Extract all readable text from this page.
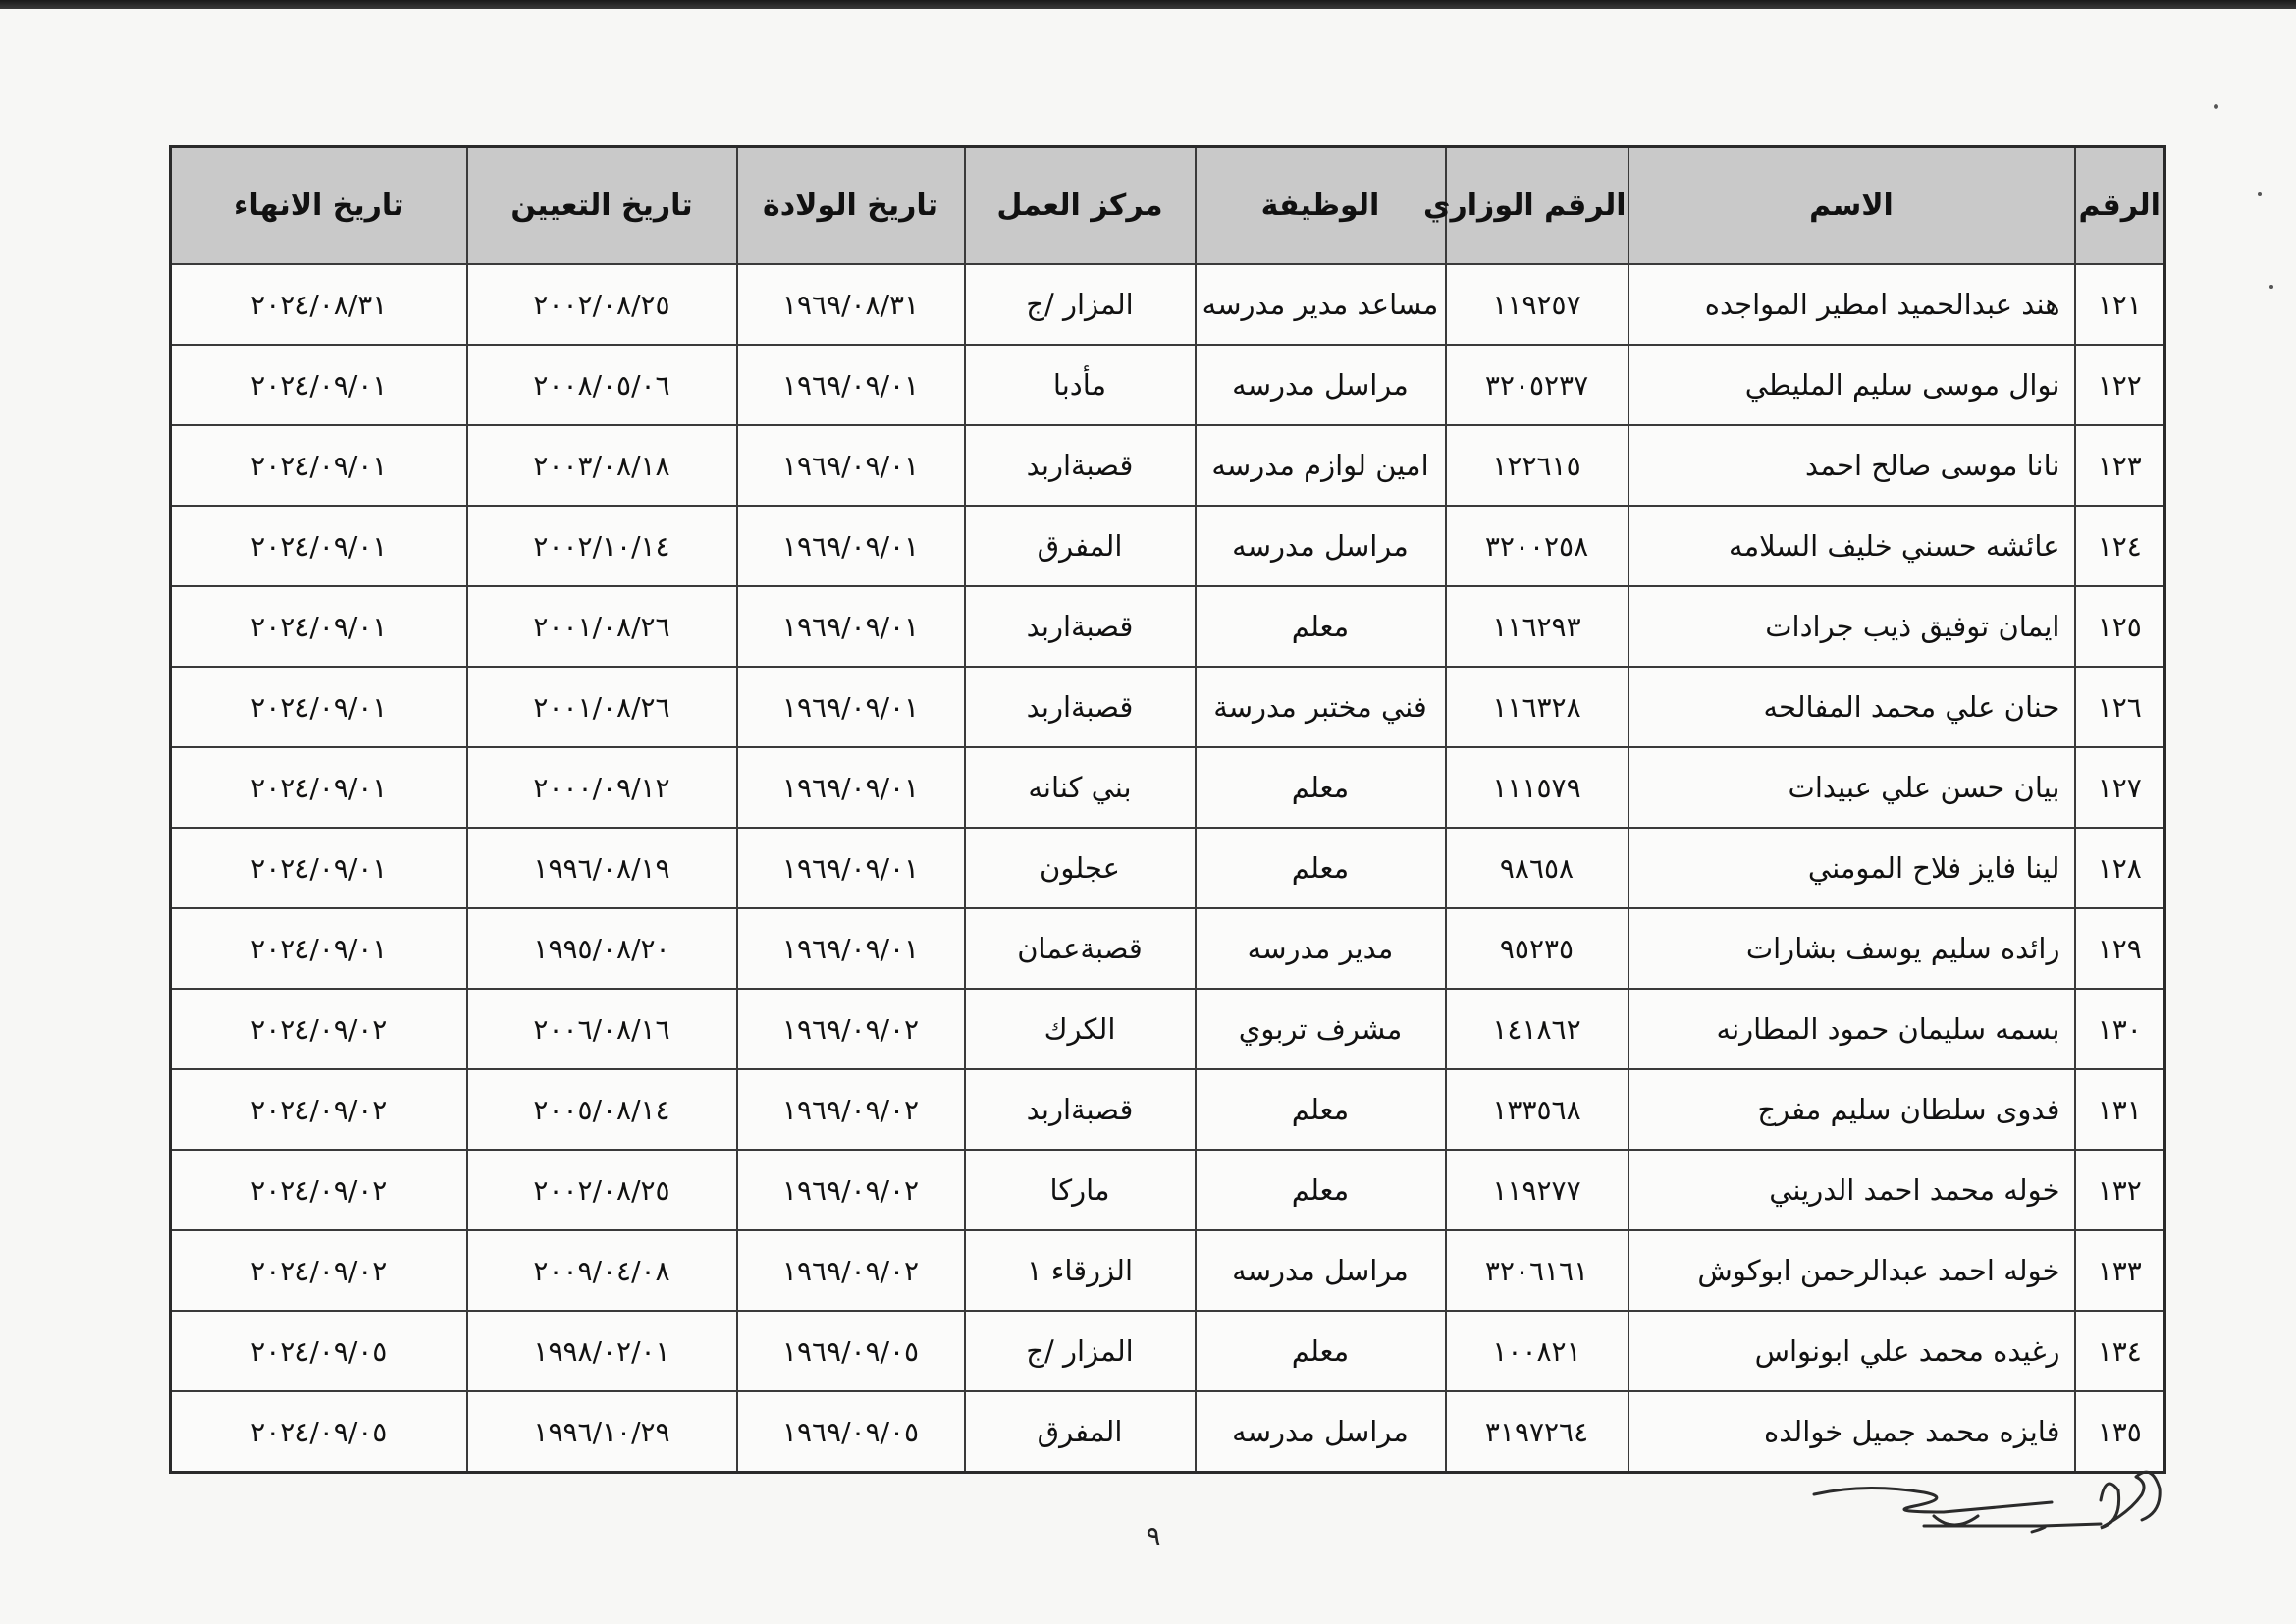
الرقم	الاسم	الرقم الوزاري	الوظيفة	مركز العمل	تاريخ الولادة	تاريخ التعيين	تاريخ الانهاء
١٢١	هند عبدالحميد امطير المواجده	١١٩٢٥٧	مساعد مدير مدرسه	المزار /ج	١٩٦٩/٠٨/٣١	٢٠٠٢/٠٨/٢٥	٢٠٢٤/٠٨/٣١
١٢٢	نوال موسى سليم المليطي	٣٢٠٥٢٣٧	مراسل مدرسه	مأدبا	١٩٦٩/٠٩/٠١	٢٠٠٨/٠٥/٠٦	٢٠٢٤/٠٩/٠١
١٢٣	نانا موسى صالح احمد	١٢٢٦١٥	امين لوازم مدرسه	قصبةاربد	١٩٦٩/٠٩/٠١	٢٠٠٣/٠٨/١٨	٢٠٢٤/٠٩/٠١
١٢٤	عائشه حسني خليف السلامه	٣٢٠٠٢٥٨	مراسل مدرسه	المفرق	١٩٦٩/٠٩/٠١	٢٠٠٢/١٠/١٤	٢٠٢٤/٠٩/٠١
١٢٥	ايمان توفيق ذيب جرادات	١١٦٢٩٣	معلم	قصبةاربد	١٩٦٩/٠٩/٠١	٢٠٠١/٠٨/٢٦	٢٠٢٤/٠٩/٠١
١٢٦	حنان علي محمد المفالحه	١١٦٣٢٨	فني مختبر مدرسة	قصبةاربد	١٩٦٩/٠٩/٠١	٢٠٠١/٠٨/٢٦	٢٠٢٤/٠٩/٠١
١٢٧	بيان حسن علي عبيدات	١١١٥٧٩	معلم	بني كنانه	١٩٦٩/٠٩/٠١	٢٠٠٠/٠٩/١٢	٢٠٢٤/٠٩/٠١
١٢٨	لينا فايز فلاح المومني	٩٨٦٥٨	معلم	عجلون	١٩٦٩/٠٩/٠١	١٩٩٦/٠٨/١٩	٢٠٢٤/٠٩/٠١
١٢٩	رائده سليم يوسف بشارات	٩٥٢٣٥	مدير مدرسه	قصبةعمان	١٩٦٩/٠٩/٠١	١٩٩٥/٠٨/٢٠	٢٠٢٤/٠٩/٠١
١٣٠	بسمه سليمان حمود المطارنه	١٤١٨٦٢	مشرف تربوي	الكرك	١٩٦٩/٠٩/٠٢	٢٠٠٦/٠٨/١٦	٢٠٢٤/٠٩/٠٢
١٣١	فدوى سلطان سليم مفرج	١٣٣٥٦٨	معلم	قصبةاربد	١٩٦٩/٠٩/٠٢	٢٠٠٥/٠٨/١٤	٢٠٢٤/٠٩/٠٢
١٣٢	خوله محمد احمد الدريني	١١٩٢٧٧	معلم	ماركا	١٩٦٩/٠٩/٠٢	٢٠٠٢/٠٨/٢٥	٢٠٢٤/٠٩/٠٢
١٣٣	خوله احمد عبدالرحمن ابوكوش	٣٢٠٦١٦١	مراسل مدرسه	الزرقاء ١	١٩٦٩/٠٩/٠٢	٢٠٠٩/٠٤/٠٨	٢٠٢٤/٠٩/٠٢
١٣٤	رغيده محمد علي ابونواس	١٠٠٨٢١	معلم	المزار /ج	١٩٦٩/٠٩/٠٥	١٩٩٨/٠٢/٠١	٢٠٢٤/٠٩/٠٥
١٣٥	فايزه محمد جميل خوالده	٣١٩٧٢٦٤	مراسل مدرسه	المفرق	١٩٦٩/٠٩/٠٥	١٩٩٦/١٠/٢٩	٢٠٢٤/٠٩/٠٥
٩
